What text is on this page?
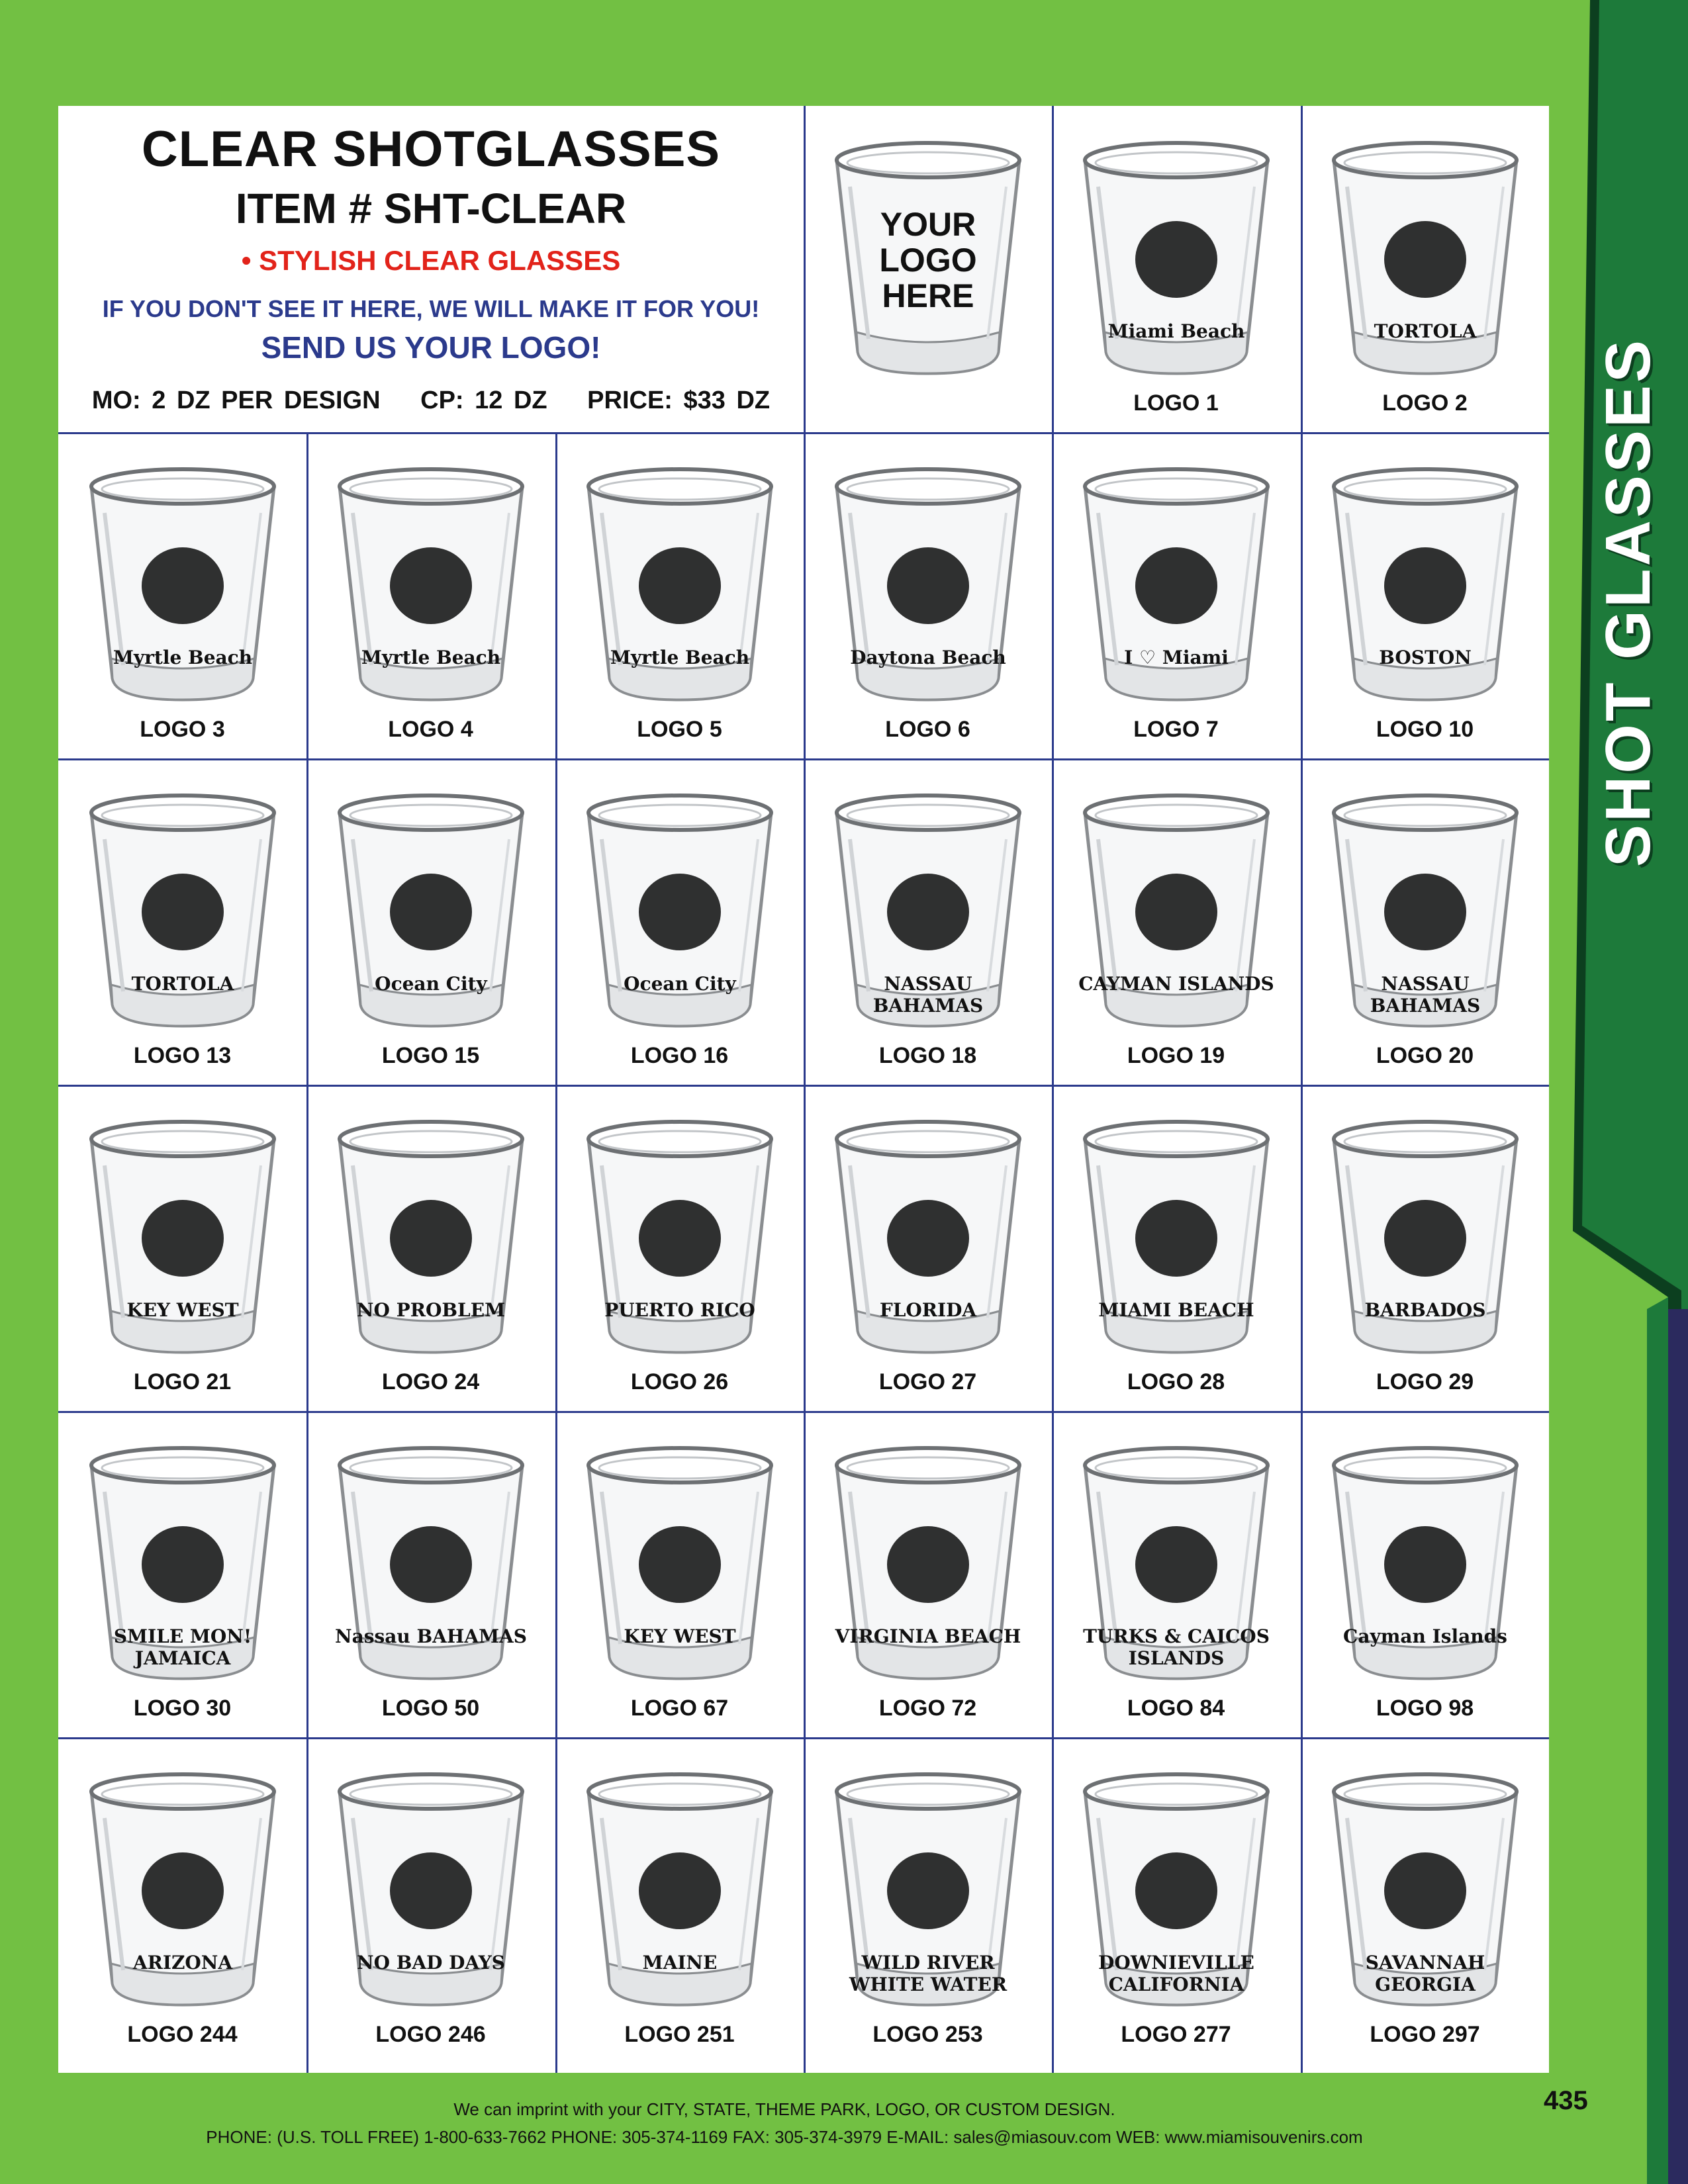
SHOT GLASSES
CLEAR SHOTGLASSES
ITEM # SHT-CLEAR
• STYLISH CLEAR GLASSES
IF YOU DON'T SEE IT HERE, WE WILL MAKE IT FOR YOU!
SEND US YOUR LOGO!
MO: 2 DZ PER DESIGN CP: 12 DZ PRICE: $33 DZ
YOUR LOGO HERE
Miami Beach
LOGO 1
TORTOLA
LOGO 2
Myrtle Beach
LOGO 3
Myrtle Beach
LOGO 4
Myrtle Beach
LOGO 5
Daytona Beach
LOGO 6
I ♡ Miami
LOGO 7
BOSTON
LOGO 10
TORTOLA
LOGO 13
Ocean City
LOGO 15
Ocean City
LOGO 16
NASSAU BAHAMAS
LOGO 18
CAYMAN ISLANDS
LOGO 19
NASSAU BAHAMAS
LOGO 20
KEY WEST
LOGO 21
NO PROBLEM
LOGO 24
PUERTO RICO
LOGO 26
FLORIDA
LOGO 27
MIAMI BEACH
LOGO 28
BARBADOS
LOGO 29
SMILE MON! JAMAICA
LOGO 30
Nassau BAHAMAS
LOGO 50
KEY WEST
LOGO 67
VIRGINIA BEACH
LOGO 72
TURKS & CAICOS ISLANDS
LOGO 84
Cayman Islands
LOGO 98
ARIZONA
LOGO 244
NO BAD DAYS
LOGO 246
MAINE
LOGO 251
WILD RIVER WHITE WATER
LOGO 253
DOWNIEVILLE CALIFORNIA
LOGO 277
SAVANNAH GEORGIA
LOGO 297
We can imprint with your CITY, STATE, THEME PARK, LOGO, OR CUSTOM DESIGN.
PHONE: (U.S. TOLL FREE) 1-800-633-7662 PHONE: 305-374-1169 FAX: 305-374-3979 E-MAIL: sales@miasouv.com WEB: www.miamisouvenirs.com
435
